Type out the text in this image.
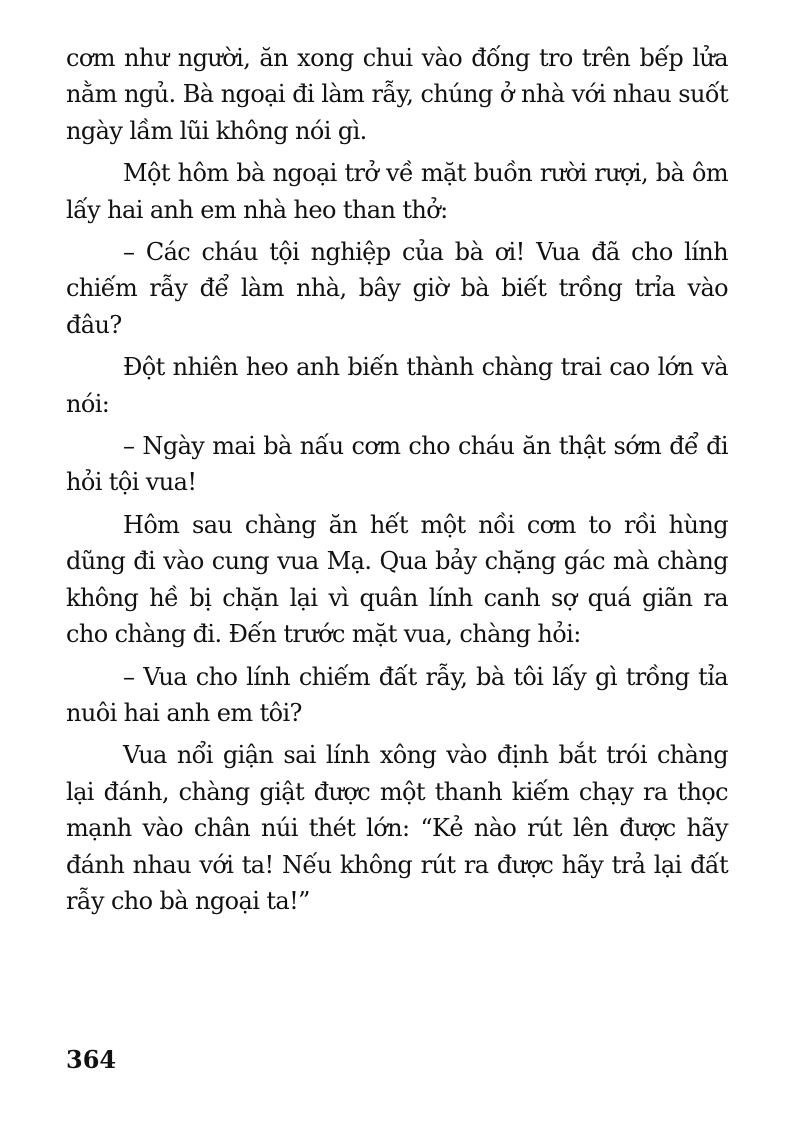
cơm như người, ăn xong chui vào đống tro trên bếp lửa nằm ngủ. Bà ngoại đi làm rẫy, chúng ở nhà với nhau suốt ngày lầm lũi không nói gì.

Một hôm bà ngoại trở về mặt buồn rười rượi, bà ôm lấy hai anh em nhà heo than thở:

– Các cháu tội nghiệp của bà ơi! Vua đã cho lính chiếm rẫy để làm nhà, bây giờ bà biết trồng trỉa vào đâu?

Đột nhiên heo anh biến thành chàng trai cao lớn và nói:

– Ngày mai bà nấu cơm cho cháu ăn thật sớm để đi hỏi tội vua!

Hôm sau chàng ăn hết một nồi cơm to rồi hùng dũng đi vào cung vua Mạ. Qua bảy chặng gác mà chàng không hề bị chặn lại vì quân lính canh sợ quá giãn ra cho chàng đi. Đến trước mặt vua, chàng hỏi:

– Vua cho lính chiếm đất rẫy, bà tôi lấy gì trồng tỉa nuôi hai anh em tôi?

Vua nổi giận sai lính xông vào định bắt trói chàng lại đánh, chàng giật được một thanh kiếm chạy ra thọc mạnh vào chân núi thét lớn: “Kẻ nào rút lên được hãy đánh nhau với ta! Nếu không rút ra được hãy trả lại đất rẫy cho bà ngoại ta!”

364
